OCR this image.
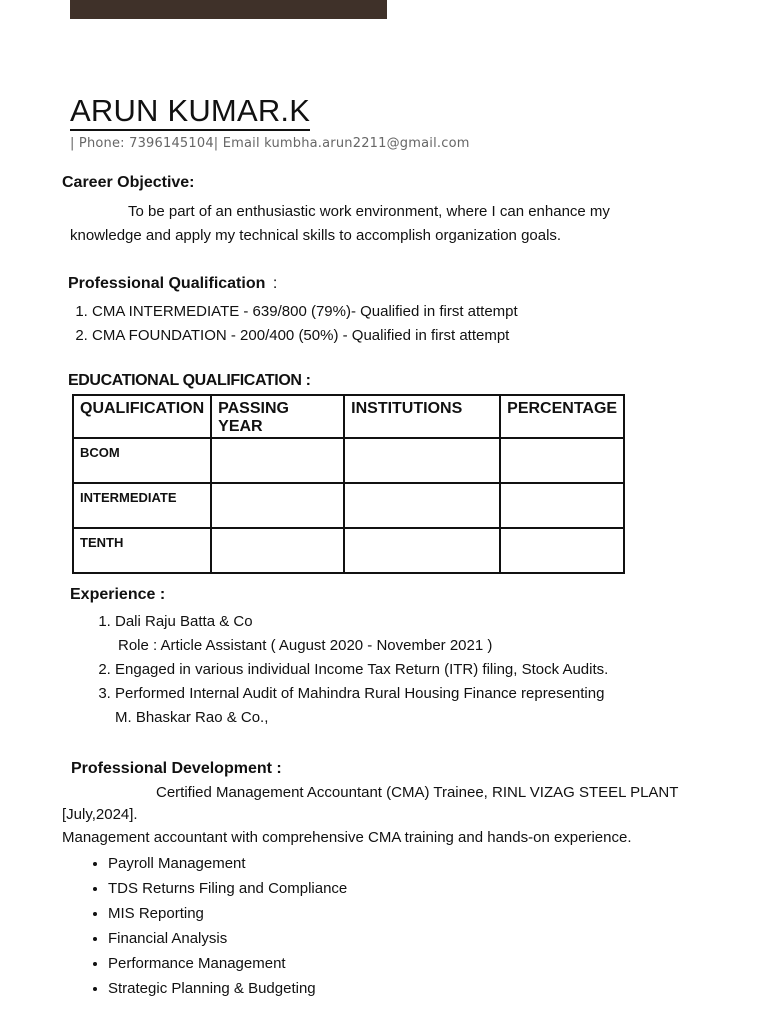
ARUN KUMAR.K
| Phone: 7396145104| Email kumbha.arun2211@gmail.com
Career Objective:
To be part of an enthusiastic work environment, where I can enhance my
knowledge and apply my technical skills to accomplish organization goals.
Professional Qualification :
1. CMA INTERMEDIATE - 639/800 (79%)- Qualified in first attempt
2. CMA FOUNDATION - 200/400 (50%) - Qualified in first attempt
EDUCATIONAL QUALIFICATION :
QUALIFICATION	PASSING YEAR	INSTITUTIONS	PERCENTAGE
BCOM			
INTERMEDIATE			
TENTH			
Experience :
1. Dali Raju Batta & Co
Role : Article Assistant ( August 2020 - November 2021 )
2. Engaged in various individual Income Tax Return (ITR) filing, Stock Audits.
3. Performed Internal Audit of Mahindra Rural Housing Finance representing
M. Bhaskar Rao & Co.,
Professional Development :
Certified Management Accountant (CMA) Trainee, RINL VIZAG STEEL PLANT
[July,2024].
Management accountant with comprehensive CMA training and hands-on experience.
• Payroll Management
• TDS Returns Filing and Compliance
• MIS Reporting
• Financial Analysis
• Performance Management
• Strategic Planning & Budgeting
